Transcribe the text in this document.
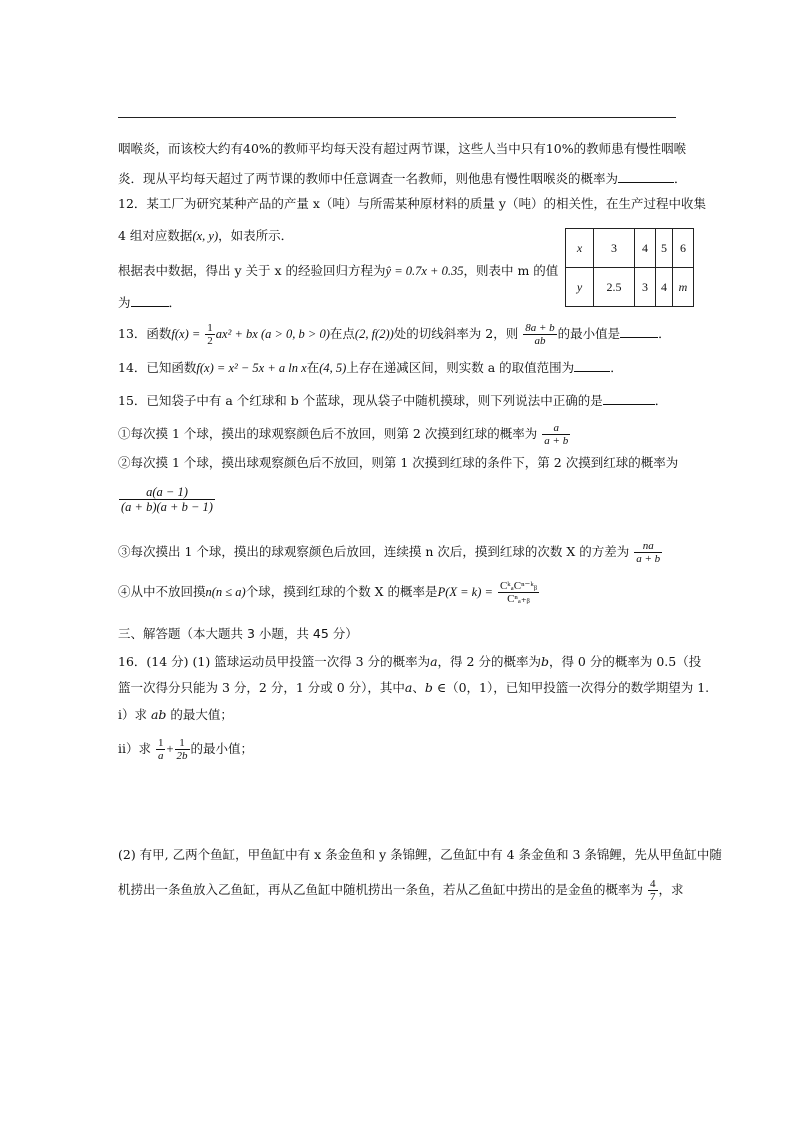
咽喉炎，而该校大约有40%的教师平均每天没有超过两节课，这些人当中只有10%的教师患有慢性咽喉
炎．现从平均每天超过了两节课的教师中任意调查一名教师，则他患有慢性咽喉炎的概率为	．
12．某工厂为研究某种产品的产量 x（吨）与所需某种原材料的质量 y（吨）的相关性，在生产过程中收集
4 组对应数据(x, y)，如表所示．
根据表中数据，得出 y 关于 x 的经验回归方程为ŷ = 0.7x + 0.35，则表中 m 的值
为	．
x	3	4	5	6
y	2.5	3	4	m
13．函数$f(x) = \frac{1}{2} ax^2$ + bx (a > 0, b > 0)在点(2, f(2))处的切线斜率为 2，则 $\frac{8a + b}{ab}$ 的最小值是	．
14．已知函数f(x) = x² − 5x + a ln x在(4, 5)上存在递减区间，则实数 a 的取值范围为	．
15．已知袋子中有 a 个红球和 b 个蓝球，现从袋子中随机摸球，则下列说法中正确的是	．
①每次摸 1 个球，摸出的球观察颜色后不放回，则第 2 次摸到红球的概率为 $\frac{a}{a + b}$
②每次摸 1 个球，摸出球观察颜色后不放回，则第 1 次摸到红球的条件下，第 2 次摸到红球的概率为
$\frac{a(a - 1)}{(a + b)(a + b - 1)}$
③每次摸出 1 个球，摸出的球观察颜色后放回，连续摸 n 次后，摸到红球的次数 X 的方差为 $\frac{na}{a + b}$
④从中不放回摸n(n ≤ a)个球，摸到红球的个数 X 的概率是$P(X = k) = \frac{\text{CᵏₐCⁿ⁻ᵏᵦ}}{\text{Cⁿₐ₊ᵦ}}$
三、解答题（本大题共 3 小题，共 45 分）
16．(14 分) (1) 篮球运动员甲投篮一次得 3 分的概率为𝑎，得 2 分的概率为𝑏，得 0 分的概率为 0.5（投
篮一次得分只能为 3 分，2 分，1 分或 0 分），其中𝑎、𝑏 ∈（0，1），已知甲投篮一次得分的数学期望为 1.
i）求 𝑎𝑏 的最大值；
ii）求 $\frac{1}{a} + \frac{1}{2b}$ 的最小值；
(2) 有甲, 乙两个鱼缸，甲鱼缸中有 x 条金鱼和 y 条锦鲤，乙鱼缸中有 4 条金鱼和 3 条锦鲤，先从甲鱼缸中随
机捞出一条鱼放入乙鱼缸，再从乙鱼缸中随机捞出一条鱼，若从乙鱼缸中捞出的是金鱼的概率为 $\frac{4}{7}$ ，求
